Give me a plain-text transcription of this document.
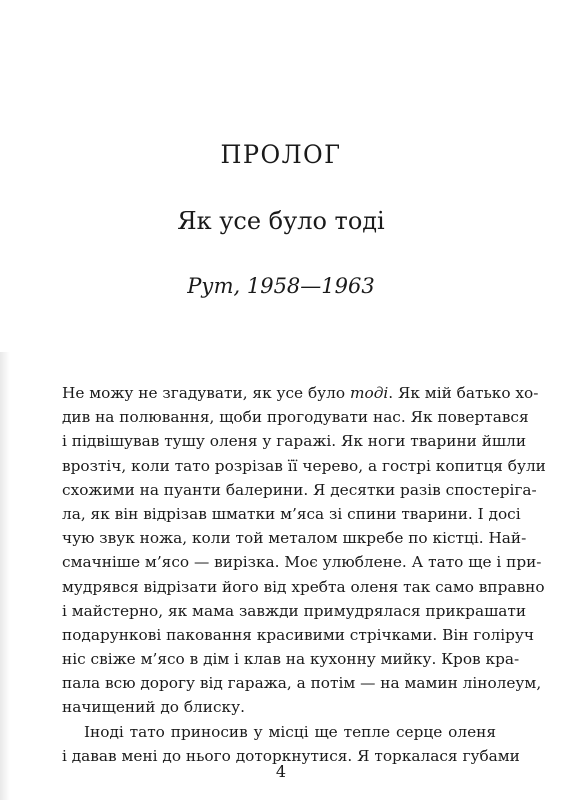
ПРОЛОГ
Як усе було тоді

Рут, 1958—1963

Не можу не згадувати, як усе було тоді. Як мій батько хо-
див на полювання, щоби прогодувати нас. Як повертався
і підвішував тушу оленя у гаражі. Як ноги тварини йшли
врозтіч, коли тато розрізав її черево, а гострі копитця були
схожими на пуанти балерини. Я десятки разів спостеріга-
ла, як він відрізав шматки м’яса зі спини тварини. І досі
чую звук ножа, коли той металом шкребе по кістці. Най-
смачніше м’ясо — вирізка. Моє улюблене. А тато ще і при-
мудрявся відрізати його від хребта оленя так само вправно
і майстерно, як мама завжди примудрялася прикрашати
подарункові паковання красивими стрічками. Він голіруч
ніс свіже м’ясо в дім і клав на кухонну мийку. Кров кра-
пала всю дорогу від гаража, а потім — на мамин лінолеум,
начищений до блиску.
Іноді тато приносив у місці ще тепле серце оленя
і давав мені до нього доторкнутися. Я торкалася губами

4
